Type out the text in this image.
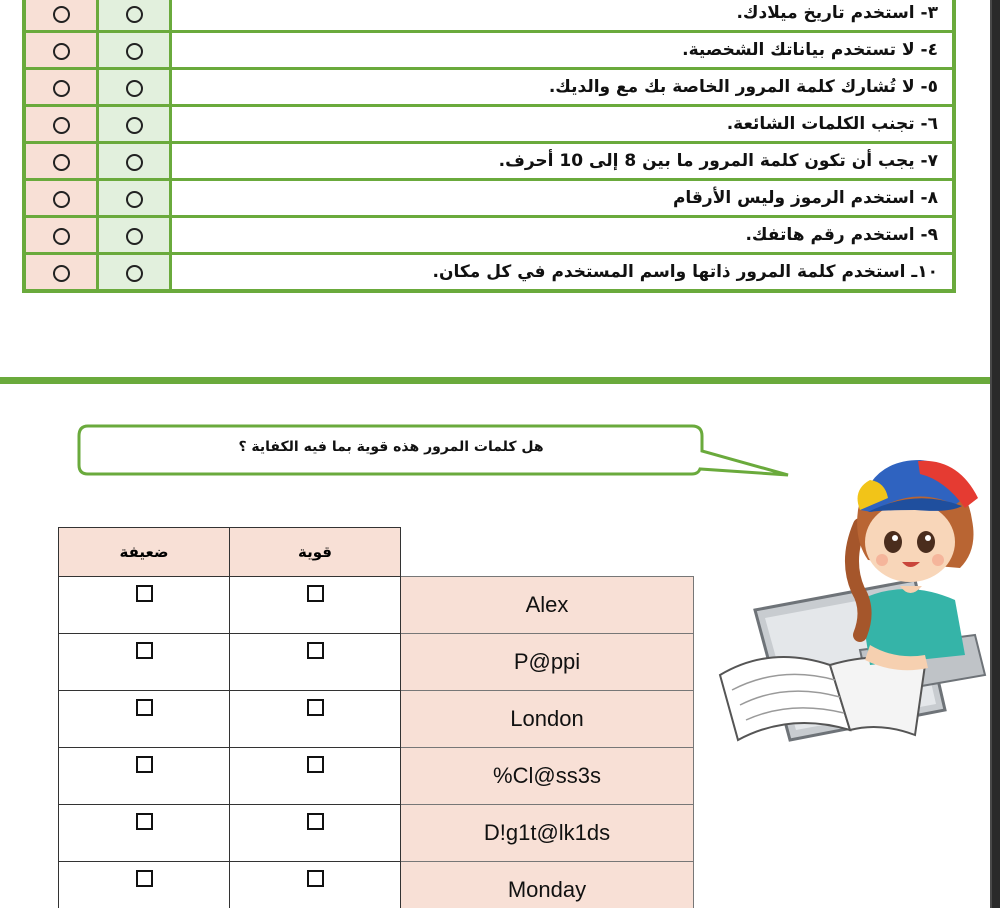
		٣- استخدم تاريخ ميلادك.
		٤- لا تستخدم بياناتك الشخصية.
		٥- لا تُشارك كلمة المرور الخاصة بك مع والديك.
		٦- تجنب الكلمات الشائعة.
		٧- يجب أن تكون كلمة المرور ما بين 8 إلى 10 أحرف.
		٨- استخدم الرموز وليس الأرقام
		٩- استخدم رقم هاتفك.
		١٠ـ استخدم كلمة المرور ذاتها واسم المستخدم في كل مكان.
هل كلمات المرور هذه قوية بما فيه الكفاية ؟
ضعيفة	قوية	
		Alex
		P@ppi
		London
		%Cl@ss3s
		D!g1t@lk1ds
		Monday
